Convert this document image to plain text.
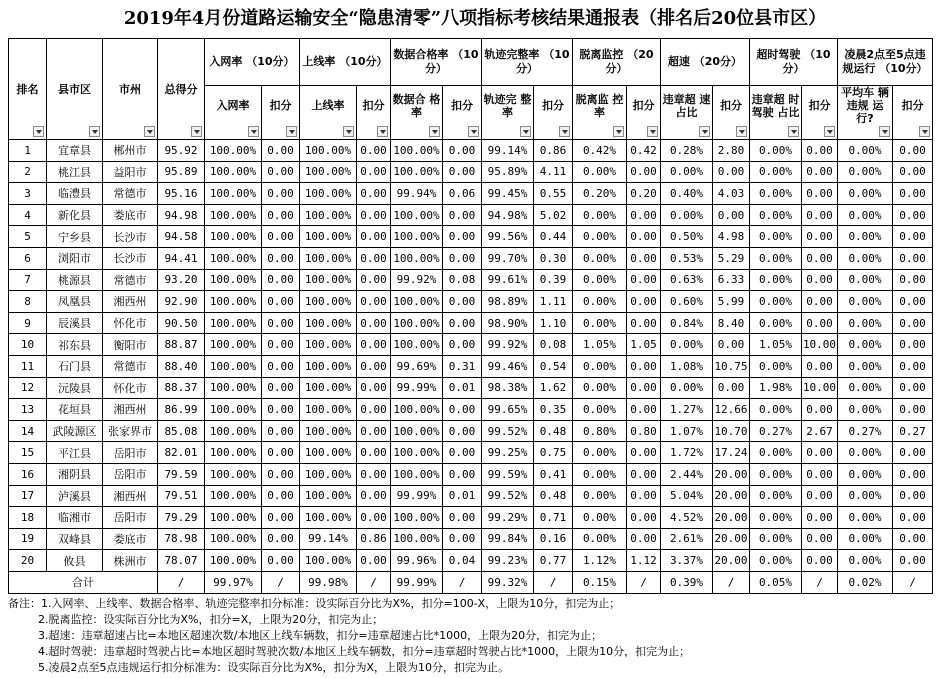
2019年4月份道路运输安全“隐患清零”八项指标考核结果通报表（排名后20位县市区）
排名	县市区	市州	总得分	入网率 （10分）		上线率 （10分）		数据合格率 （10分）		轨迹完整率 （10分）		脱离监控 （20分）		超速 （20分）		超时驾驶 （10分）		凌晨2点至5点违 规运行 （10分）	
				入网率	扣分	上线率	扣分	数据合 格率	扣分	轨迹完 整率	扣分	脱离监 控率	扣分	违章超 速占比	扣分	违章超 时驾驶 占比	扣分	平均车 辆违规 运行?	扣分

1	宜章县	郴州市	95.92	100.00%	0.00	100.00%	0.00	100.00%	0.00	99.14%	0.86	0.42%	0.42	0.28%	2.80	0.00%	0.00	0.00%	0.00
2	桃江县	益阳市	95.89	100.00%	0.00	100.00%	0.00	100.00%	0.00	95.89%	4.11	0.00%	0.00	0.00%	0.00	0.00%	0.00	0.00%	0.00
3	临澧县	常德市	95.16	100.00%	0.00	100.00%	0.00	99.94%	0.06	99.45%	0.55	0.20%	0.20	0.40%	4.03	0.00%	0.00	0.00%	0.00
4	新化县	娄底市	94.98	100.00%	0.00	100.00%	0.00	100.00%	0.00	94.98%	5.02	0.00%	0.00	0.00%	0.00	0.00%	0.00	0.00%	0.00
5	宁乡县	长沙市	94.58	100.00%	0.00	100.00%	0.00	100.00%	0.00	99.56%	0.44	0.00%	0.00	0.50%	4.98	0.00%	0.00	0.00%	0.00
6	浏阳市	长沙市	94.41	100.00%	0.00	100.00%	0.00	100.00%	0.00	99.70%	0.30	0.00%	0.00	0.53%	5.29	0.00%	0.00	0.00%	0.00
7	桃源县	常德市	93.20	100.00%	0.00	100.00%	0.00	99.92%	0.08	99.61%	0.39	0.00%	0.00	0.63%	6.33	0.00%	0.00	0.00%	0.00
8	凤凰县	湘西州	92.90	100.00%	0.00	100.00%	0.00	100.00%	0.00	98.89%	1.11	0.00%	0.00	0.60%	5.99	0.00%	0.00	0.00%	0.00
9	辰溪县	怀化市	90.50	100.00%	0.00	100.00%	0.00	100.00%	0.00	98.90%	1.10	0.00%	0.00	0.84%	8.40	0.00%	0.00	0.00%	0.00
10	祁东县	衡阳市	88.87	100.00%	0.00	100.00%	0.00	100.00%	0.00	99.92%	0.08	1.05%	1.05	0.00%	0.00	1.05%	10.00	0.00%	0.00
11	石门县	常德市	88.40	100.00%	0.00	100.00%	0.00	99.69%	0.31	99.46%	0.54	0.00%	0.00	1.08%	10.75	0.00%	0.00	0.00%	0.00
12	沅陵县	怀化市	88.37	100.00%	0.00	100.00%	0.00	99.99%	0.01	98.38%	1.62	0.00%	0.00	0.00%	0.00	1.98%	10.00	0.00%	0.00
13	花垣县	湘西州	86.99	100.00%	0.00	100.00%	0.00	100.00%	0.00	99.65%	0.35	0.00%	0.00	1.27%	12.66	0.00%	0.00	0.00%	0.00
14	武陵源区	张家界市	85.08	100.00%	0.00	100.00%	0.00	100.00%	0.00	99.52%	0.48	0.80%	0.80	1.07%	10.70	0.27%	2.67	0.27%	0.27
15	平江县	岳阳市	82.01	100.00%	0.00	100.00%	0.00	100.00%	0.00	99.25%	0.75	0.00%	0.00	1.72%	17.24	0.00%	0.00	0.00%	0.00
16	湘阴县	岳阳市	79.59	100.00%	0.00	100.00%	0.00	100.00%	0.00	99.59%	0.41	0.00%	0.00	2.44%	20.00	0.00%	0.00	0.00%	0.00
17	泸溪县	湘西州	79.51	100.00%	0.00	100.00%	0.00	99.99%	0.01	99.52%	0.48	0.00%	0.00	5.04%	20.00	0.00%	0.00	0.00%	0.00
18	临湘市	岳阳市	79.29	100.00%	0.00	100.00%	0.00	100.00%	0.00	99.29%	0.71	0.00%	0.00	4.52%	20.00	0.00%	0.00	0.00%	0.00
19	双峰县	娄底市	78.98	100.00%	0.00	99.14%	0.86	100.00%	0.00	99.84%	0.16	0.00%	0.00	2.61%	20.00	0.00%	0.00	0.00%	0.00
20	攸县	株洲市	78.07	100.00%	0.00	100.00%	0.00	99.96%	0.04	99.23%	0.77	1.12%	1.12	3.37%	20.00	0.00%	0.00	0.00%	0.00
合计			/	99.97%	/	99.98%	/	99.99%	/	99.32%	/	0.15%	/	0.39%	/	0.05%	/	0.02%	/
备注：1.入网率、上线率、数据合格率、轨迹完整率扣分标准：设实际百分比为X%，扣分=100-X，上限为10分，扣完为止；
2.脱离监控：设实际百分比为X%，扣分=X，上限为20分，扣完为止；
3.超速：违章超速占比=本地区超速次数/本地区上线车辆数，扣分=违章超速占比*1000，上限为20分，扣完为止；
4.超时驾驶：违章超时驾驶占比=本地区超时驾驶次数/本地区上线车辆数，扣分=违章超时驾驶占比*1000，上限为10分，扣完为止；
5.凌晨2点至5点违规运行扣分标准为：设实际百分比为X%，扣分为X，上限为10分，扣完为止。
